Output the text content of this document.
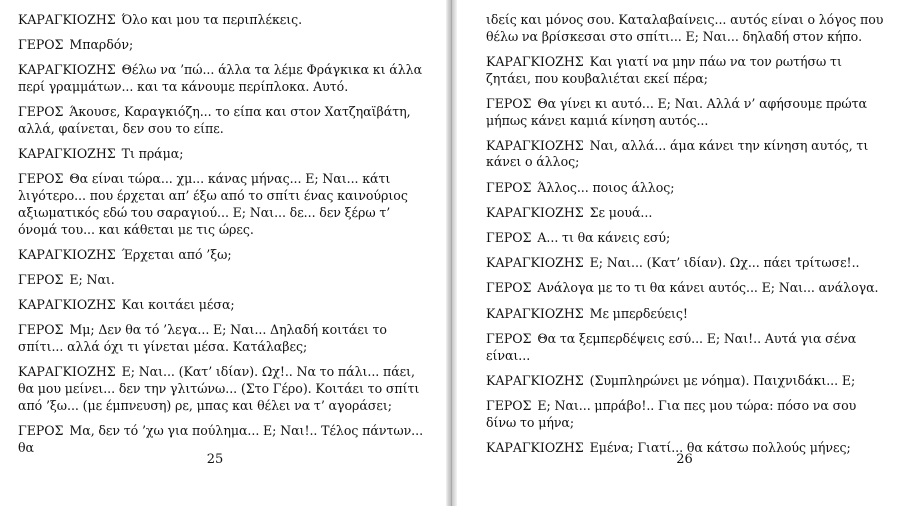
ΚΑΡΑΓΚΙΟΖΗΣ Όλο και μου τα περιπλέκεις.

ΓΕΡΟΣ Μπαρδόν;

ΚΑΡΑΓΚΙΟΖΗΣ Θέλω να ’πώ... άλλα τα λέμε Φράγκικα κι άλλα περί γραμμάτων... και τα κάνουμε περίπλοκα. Αυτό.

ΓΕΡΟΣ Άκουσε, Καραγκιόζη... το είπα και στον Χατζηαϊβάτη, αλλά, φαίνεται, δεν σου το είπε.

ΚΑΡΑΓΚΙΟΖΗΣ Τι πράμα;

ΓΕΡΟΣ Θα είναι τώρα... χμ... κάνας μήνας... Ε; Ναι... κάτι λιγότερο... που έρχεται απ’ έξω από το σπίτι ένας καινούριος αξιωματικός εδώ του σαραγιού... Ε; Ναι... δε... δεν ξέρω τ’ όνομά του... και κάθεται με τις ώρες.

ΚΑΡΑΓΚΙΟΖΗΣ Έρχεται από ’ξω;

ΓΕΡΟΣ Ε; Ναι.

ΚΑΡΑΓΚΙΟΖΗΣ Και κοιτάει μέσα;

ΓΕΡΟΣ Μμ; Δεν θα τό ’λεγα... Ε; Ναι... Δηλαδή κοιτάει το σπίτι... αλλά όχι τι γίνεται μέσα. Κατάλαβες;

ΚΑΡΑΓΚΙΟΖΗΣ Ε; Ναι... (Κατ’ ιδίαν). Ωχ!.. Να το πάλι... πάει, θα μου μείνει... δεν την γλιτώνω... (Στο Γέρο). Κοιτάει το σπίτι από ’ξω... (με έμπνευση) ρε, μπας και θέλει να τ’ αγοράσει;

ΓΕΡΟΣ Μα, δεν τό ’χω για πούλημα... Ε; Ναι!.. Τέλος πάντων... θα

25

ιδείς και μόνος σου. Καταλαβαίνεις... αυτός είναι ο λόγος που θέλω να βρίσκεσαι στο σπίτι... Ε; Ναι... δηλαδή στον κήπο.

ΚΑΡΑΓΚΙΟΖΗΣ Και γιατί να μην πάω να τον ρωτήσω τι ζητάει, που κουβαλιέται εκεί πέρα;

ΓΕΡΟΣ Θα γίνει κι αυτό... Ε; Ναι. Αλλά ν’ αφήσουμε πρώτα μήπως κάνει καμιά κίνηση αυτός...

ΚΑΡΑΓΚΙΟΖΗΣ Ναι, αλλά... άμα κάνει την κίνηση αυτός, τι κάνει ο άλλος;

ΓΕΡΟΣ Άλλος... ποιος άλλος;

ΚΑΡΑΓΚΙΟΖΗΣ Σε μουά...

ΓΕΡΟΣ Α... τι θα κάνεις εσύ;

ΚΑΡΑΓΚΙΟΖΗΣ Ε; Ναι... (Κατ’ ιδίαν). Ωχ... πάει τρίτωσε!..

ΓΕΡΟΣ Ανάλογα με το τι θα κάνει αυτός... Ε; Ναι... ανάλογα.

ΚΑΡΑΓΚΙΟΖΗΣ Με μπερδεύεις!

ΓΕΡΟΣ Θα τα ξεμπερδέψεις εσύ... Ε; Ναι!.. Αυτά για σένα είναι...

ΚΑΡΑΓΚΙΟΖΗΣ (Συμπληρώνει με νόημα). Παιχνιδάκι... Ε;

ΓΕΡΟΣ Ε; Ναι... μπράβο!.. Για πες μου τώρα: πόσο να σου δίνω το μήνα;

ΚΑΡΑΓΚΙΟΖΗΣ Εμένα; Γιατί... θα κάτσω πολλούς μήνες;

26
